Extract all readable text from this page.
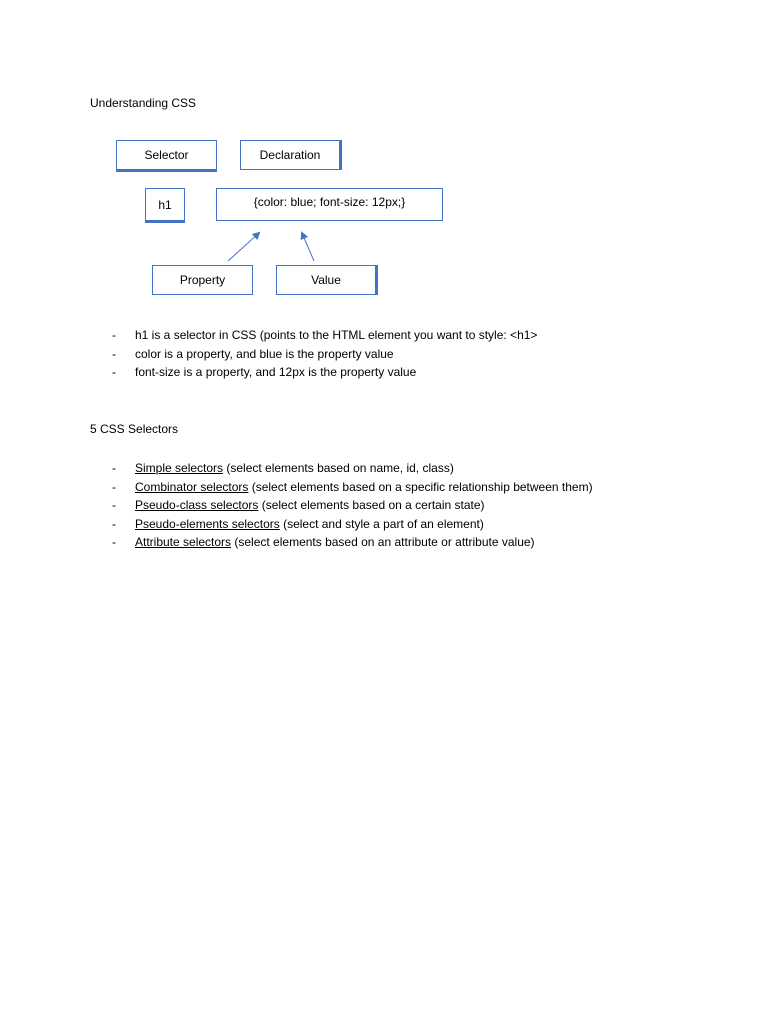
Understanding CSS
Selector	Declaration
h1	{color: blue; font-size: 12px;}
Property	Value
- h1 is a selector in CSS (points to the HTML element you want to style: <h1>
- color is a property, and blue is the property value
- font-size is a property, and 12px is the property value
5 CSS Selectors
- Simple selectors (select elements based on name, id, class)
- Combinator selectors (select elements based on a specific relationship between them)
- Pseudo-class selectors (select elements based on a certain state)
- Pseudo-elements selectors (select and style a part of an element)
- Attribute selectors (select elements based on an attribute or attribute value)
